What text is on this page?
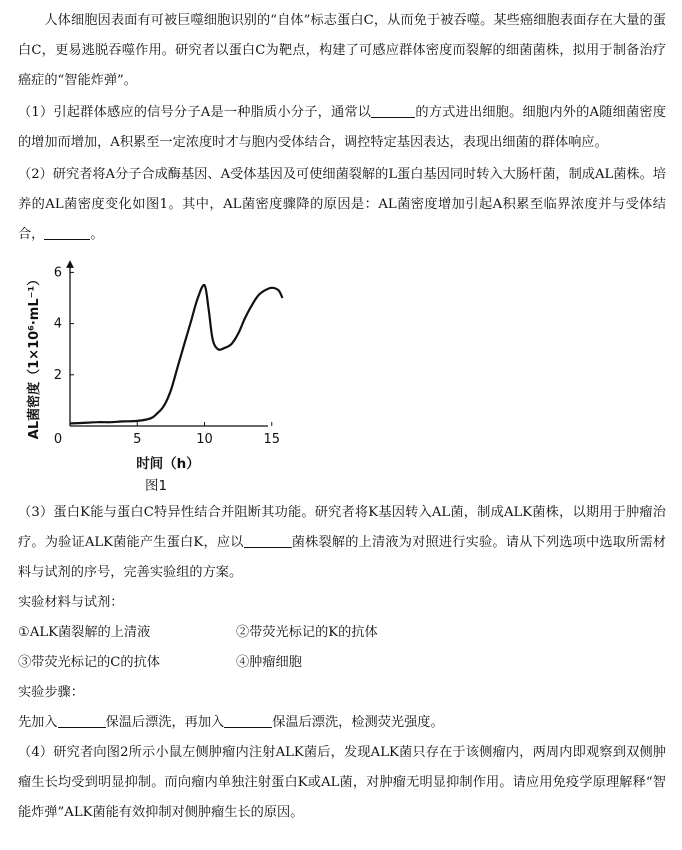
人体细胞因表面有可被巨噬细胞识别的“自体”标志蛋白C，从而免于被吞噬。某些癌细胞表面存在大量的蛋白C，更易逃脱吞噬作用。研究者以蛋白C为靶点，构建了可感应群体密度而裂解的细菌菌株，拟用于制备治疗癌症的“智能炸弹”。
（1）引起群体感应的信号分子A是一种脂质小分子，通常以	的方式进出细胞。细胞内外的A随细菌密度的增加而增加，A积累至一定浓度时才与胞内受体结合，调控特定基因表达，表现出细菌的群体响应。
（2）研究者将A分子合成酶基因、A受体基因及可使细菌裂解的L蛋白基因同时转入大肠杆菌，制成AL菌株。培养的AL菌密度变化如图1。其中，AL菌密度骤降的原因是：AL菌密度增加引起A积累至临界浓度并与受体结合，	。
0	5	10	15
2
4
6
时间（h）
图1
AL菌密度（1×10⁶·mL⁻¹）
（3）蛋白K能与蛋白C特异性结合并阻断其功能。研究者将K基因转入AL菌，制成ALK菌株，以期用于肿瘤治疗。为验证ALK菌能产生蛋白K，应以	菌株裂解的上清液为对照进行实验。请从下列选项中选取所需材料与试剂的序号，完善实验组的方案。
实验材料与试剂：
①ALK菌裂解的上清液	②带荧光标记的K的抗体
③带荧光标记的C的抗体	④肿瘤细胞
实验步骤：
先加入	保温后漂洗，再加入	保温后漂洗，检测荧光强度。
（4）研究者向图2所示小鼠左侧肿瘤内注射ALK菌后，发现ALK菌只存在于该侧瘤内，两周内即观察到双侧肿瘤生长均受到明显抑制。而向瘤内单独注射蛋白K或AL菌，对肿瘤无明显抑制作用。请应用免疫学原理解释“智能炸弹”ALK菌能有效抑制对侧肿瘤生长的原因。
